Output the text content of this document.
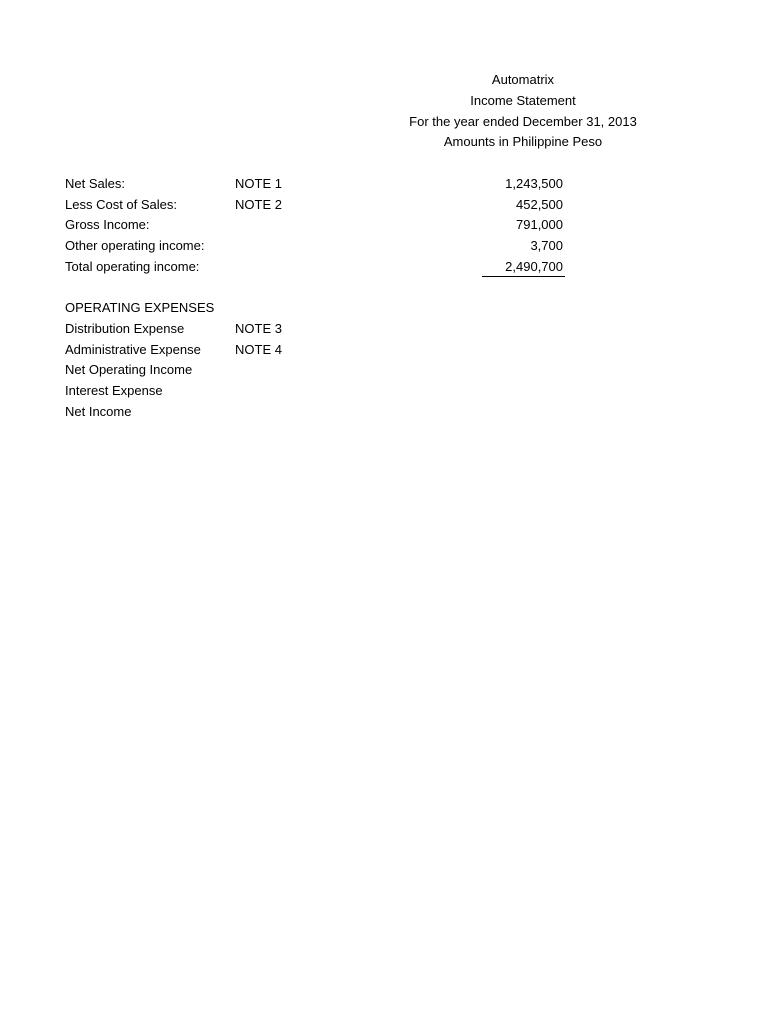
Automatrix
Income Statement
For the year ended December 31, 2013
Amounts in Philippine Peso
Net Sales:	NOTE 1	1,243,500
Less Cost of Sales:	NOTE 2	452,500
Gross Income:	791,000
Other operating income:	3,700
Total operating income:	2,490,700
OPERATING EXPENSES
Distribution Expense	NOTE 3
Administrative Expense	NOTE 4
Net Operating Income
Interest Expense
Net Income
